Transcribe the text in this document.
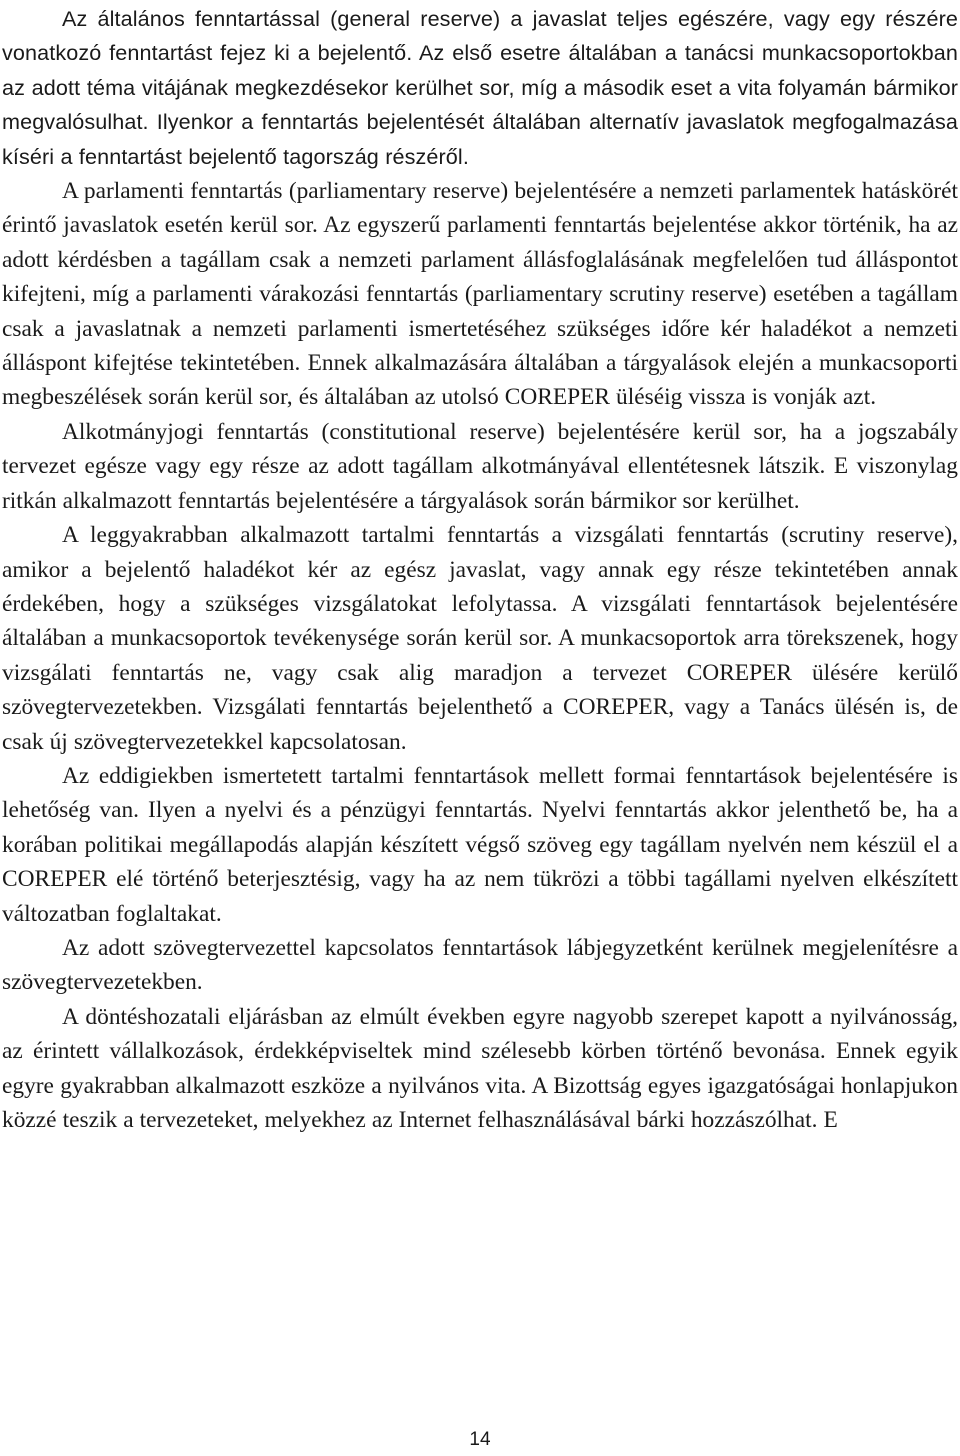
Az általános fenntartással (general reserve) a javaslat teljes egészére, vagy egy részére vonatkozó fenntartást fejez ki a bejelentő. Az első esetre általában a tanácsi munkacsoportokban az adott téma vitájának megkezdésekor kerülhet sor, míg a második eset a vita folyamán bármikor megvalósulhat. Ilyenkor a fenntartás bejelentését általában alternatív javaslatok megfogalmazása kíséri a fenntartást bejelentő tagország részéről.

A parlamenti fenntartás (parliamentary reserve) bejelentésére a nemzeti parlamentek hatáskörét érintő javaslatok esetén kerül sor. Az egyszerű parlamenti fenntartás bejelentése akkor történik, ha az adott kérdésben a tagállam csak a nemzeti parlament állásfoglalásának megfelelően tud álláspontot kifejteni, míg a parlamenti várakozási fenntartás (parliamentary scrutiny reserve) esetében a tagállam csak a javaslatnak a nemzeti parlamenti ismertetéséhez szükséges időre kér haladékot a nemzeti álláspont kifejtése tekintetében. Ennek alkalmazására általában a tárgyalások elején a munkacsoporti megbeszélések során kerül sor, és általában az utolsó COREPER üléséig vissza is vonják azt.

Alkotmányjogi fenntartás (constitutional reserve) bejelentésére kerül sor, ha a jogszabály tervezet egésze vagy egy része az adott tagállam alkotmányával ellentétesnek látszik. E viszonylag ritkán alkalmazott fenntartás bejelentésére a tárgyalások során bármikor sor kerülhet.

A leggyakrabban alkalmazott tartalmi fenntartás a vizsgálati fenntartás (scrutiny reserve), amikor a bejelentő haladékot kér az egész javaslat, vagy annak egy része tekintetében annak érdekében, hogy a szükséges vizsgálatokat lefolytassa. A vizsgálati fenntartások bejelentésére általában a munkacsoportok tevékenysége során kerül sor. A munkacsoportok arra törekszenek, hogy vizsgálati fenntartás ne, vagy csak alig maradjon a tervezet COREPER ülésére kerülő szövegtervezetekben. Vizsgálati fenntartás bejelenthető a COREPER, vagy a Tanács ülésén is, de csak új szövegtervezetekkel kapcsolatosan.

Az eddigiekben ismertetett tartalmi fenntartások mellett formai fenntartások bejelentésére is lehetőség van. Ilyen a nyelvi és a pénzügyi fenntartás. Nyelvi fenntartás akkor jelenthető be, ha a korában politikai megállapodás alapján készített végső szöveg egy tagállam nyelvén nem készül el a COREPER elé történő beterjesztésig, vagy ha az nem tükrözi a többi tagállami nyelven elkészített változatban foglaltakat.

Az adott szövegtervezettel kapcsolatos fenntartások lábjegyzetként kerülnek megjelenítésre a szövegtervezetekben.

A döntéshozatali eljárásban az elmúlt években egyre nagyobb szerepet kapott a nyilvánosság, az érintett vállalkozások, érdekképviseltek mind szélesebb körben történő bevonása. Ennek egyik egyre gyakrabban alkalmazott eszköze a nyilvános vita. A Bizottság egyes igazgatóságai honlapjukon közzé teszik a tervezeteket, melyekhez az Internet felhasználásával bárki hozzászólhat. E

14
